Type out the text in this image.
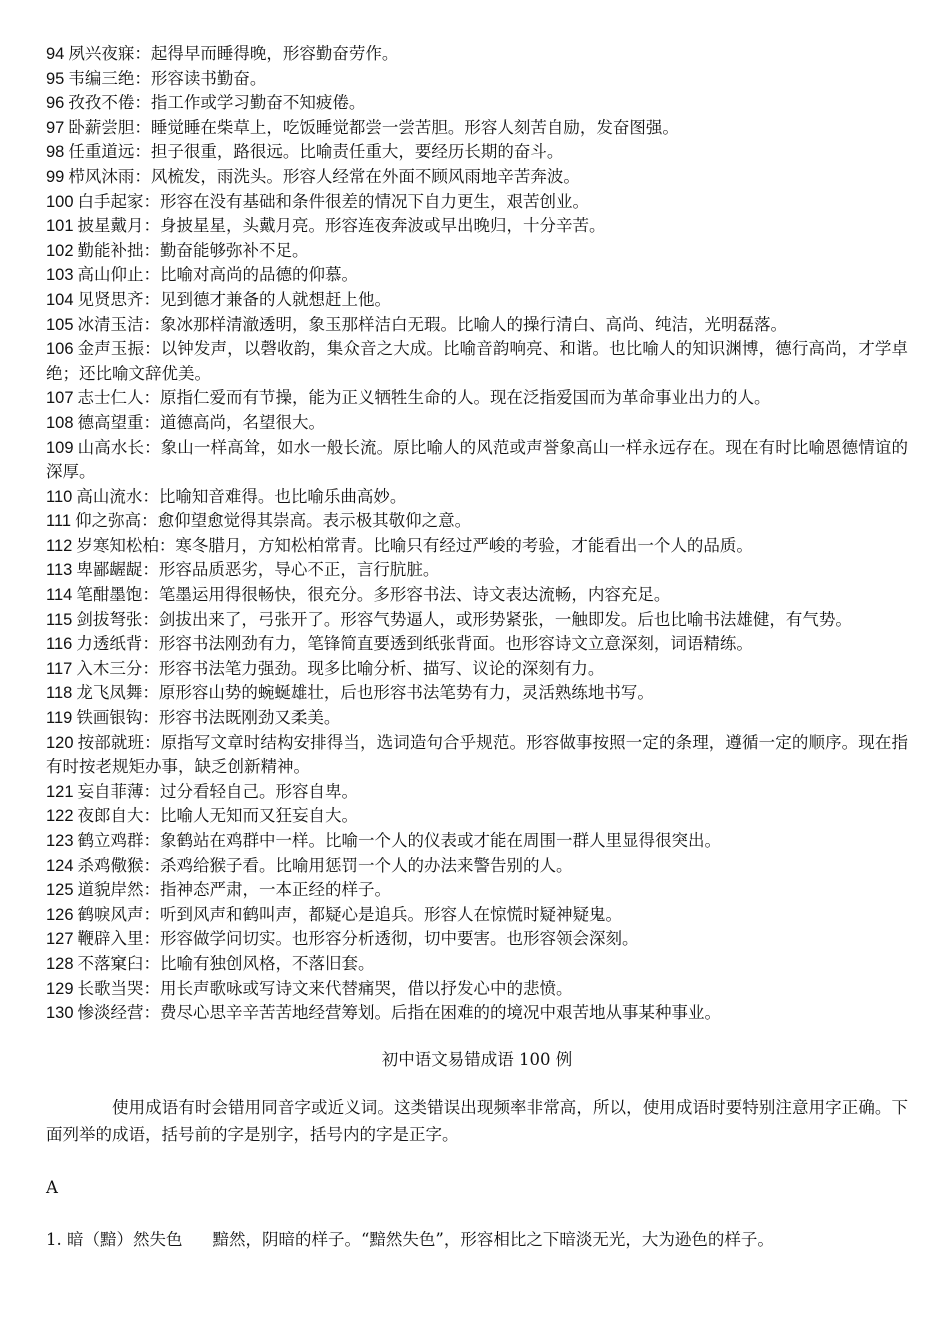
94 夙兴夜寐：起得早而睡得晚，形容勤奋劳作。
95 韦编三绝：形容读书勤奋。
96 孜孜不倦：指工作或学习勤奋不知疲倦。
97 卧薪尝胆：睡觉睡在柴草上，吃饭睡觉都尝一尝苦胆。形容人刻苦自励，发奋图强。
98 任重道远：担子很重，路很远。比喻责任重大，要经历长期的奋斗。
99 栉风沐雨：风梳发，雨洗头。形容人经常在外面不顾风雨地辛苦奔波。
100 白手起家：形容在没有基础和条件很差的情况下自力更生，艰苦创业。
101 披星戴月：身披星星，头戴月亮。形容连夜奔波或早出晚归，十分辛苦。
102 勤能补拙：勤奋能够弥补不足。
103 高山仰止：比喻对高尚的品德的仰慕。
104 见贤思齐：见到德才兼备的人就想赶上他。
105 冰清玉洁：象冰那样清澈透明，象玉那样洁白无瑕。比喻人的操行清白、高尚、纯洁，光明磊落。
106 金声玉振：以钟发声，以磬收韵，集众音之大成。比喻音韵响亮、和谐。也比喻人的知识渊博，德行高尚，才学卓绝；还比喻文辞优美。
107 志士仁人：原指仁爱而有节操，能为正义牺牲生命的人。现在泛指爱国而为革命事业出力的人。
108 德高望重：道德高尚，名望很大。
109 山高水长：象山一样高耸，如水一般长流。原比喻人的风范或声誉象高山一样永远存在。现在有时比喻恩德情谊的深厚。
110 高山流水：比喻知音难得。也比喻乐曲高妙。
111 仰之弥高：愈仰望愈觉得其崇高。表示极其敬仰之意。
112 岁寒知松柏：寒冬腊月，方知松柏常青。比喻只有经过严峻的考验，才能看出一个人的品质。
113 卑鄙龌龊：形容品质恶劣，导心不正，言行肮脏。
114 笔酣墨饱：笔墨运用得很畅快，很充分。多形容书法、诗文表达流畅，内容充足。
115 剑拔弩张：剑拔出来了，弓张开了。形容气势逼人，或形势紧张，一触即发。后也比喻书法雄健，有气势。
116 力透纸背：形容书法刚劲有力，笔锋简直要透到纸张背面。也形容诗文立意深刻，词语精练。
117 入木三分：形容书法笔力强劲。现多比喻分析、描写、议论的深刻有力。
118 龙飞凤舞：原形容山势的蜿蜒雄壮，后也形容书法笔势有力，灵活熟练地书写。
119 铁画银钩：形容书法既刚劲又柔美。
120 按部就班：原指写文章时结构安排得当，选词造句合乎规范。形容做事按照一定的条理，遵循一定的顺序。现在指有时按老规矩办事，缺乏创新精神。
121 妄自菲薄：过分看轻自己。形容自卑。
122 夜郎自大：比喻人无知而又狂妄自大。
123 鹤立鸡群：象鹤站在鸡群中一样。比喻一个人的仪表或才能在周围一群人里显得很突出。
124 杀鸡儆猴：杀鸡给猴子看。比喻用惩罚一个人的办法来警告别的人。
125 道貌岸然：指神态严肃，一本正经的样子。
126 鹤唳风声：听到风声和鹤叫声，都疑心是追兵。形容人在惊慌时疑神疑鬼。
127 鞭辟入里：形容做学问切实。也形容分析透彻，切中要害。也形容领会深刻。
128 不落窠臼：比喻有独创风格，不落旧套。
129 长歌当哭：用长声歌咏或写诗文来代替痛哭，借以抒发心中的悲愤。
130 惨淡经营：费尽心思辛辛苦苦地经营筹划。后指在困难的的境况中艰苦地从事某种事业。
初中语文易错成语 100 例
使用成语有时会错用同音字或近义词。这类错误出现频率非常高，所以，使用成语时要特别注意用字正确。下面列举的成语，括号前的字是别字，括号内的字是正字。
A
1. 暗（黯）然失色 黯然，阴暗的样子。“黯然失色”，形容相比之下暗淡无光，大为逊色的样子。
